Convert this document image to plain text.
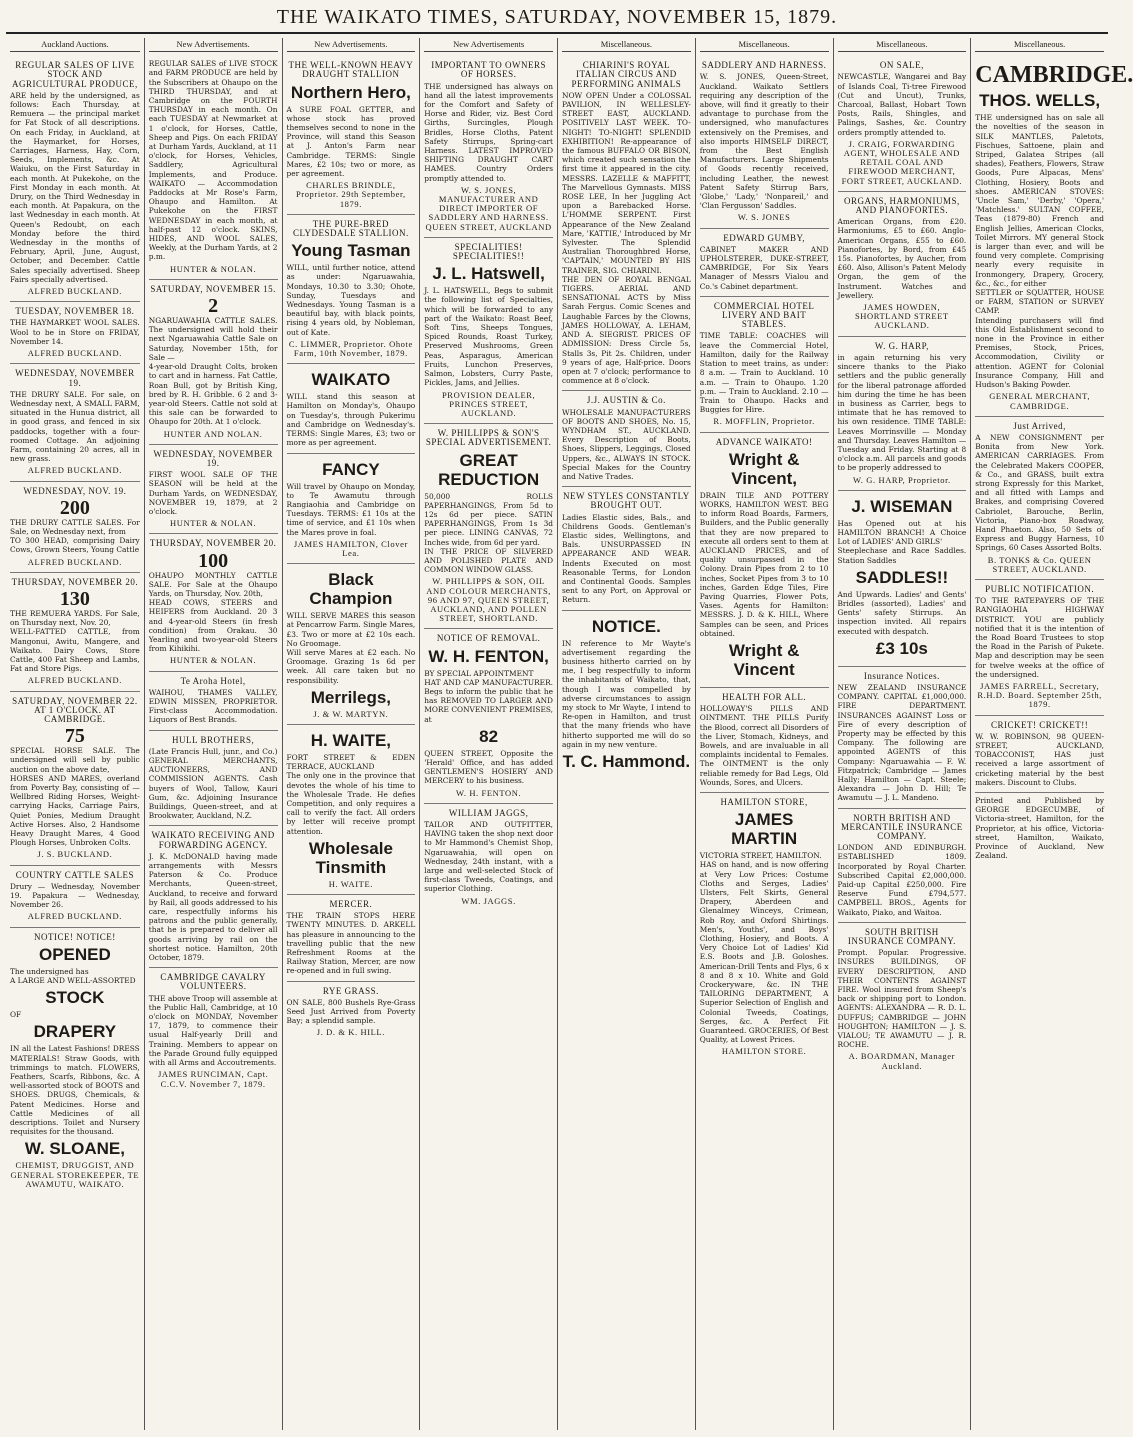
THE WAIKATO TIMES, SATURDAY, NOVEMBER 15, 1879.
Auckland Auctions.
REGULAR SALES OF LIVE STOCK AND AGRICULTURAL PRODUCE,
ARE held by the undersigned, as follows: Each Thursday, at Remuera — the principal market for Fat Stock of all descriptions. On each Friday, in Auckland, at the Haymarket, for Horses, Carriages, Harness, Hay, Corn, Seeds, Implements, &c. At Waiuku, on the First Saturday in each month. At Pukekohe, on the First Monday in each month. At Drury, on the Third Wednesday in each month. At Papakura, on the last Wednesday in each month. At Queen's Redoubt, on each Monday before the third Wednesday in the months of February, April, June, August, October, and December. Cattle Sales specially advertised. Sheep Fairs specially advertised.
ALFRED BUCKLAND.
TUESDAY, NOVEMBER 18.
THE HAYMARKET WOOL SALES. Wool to be in Store on FRIDAY, November 14.
ALFRED BUCKLAND.
WEDNESDAY, NOVEMBER 19.
THE DRURY SALE. For sale, on Wednesday next, A SMALL FARM, situated in the Hunua district, all in good grass, and fenced in six paddocks, together with a four-roomed Cottage. An adjoining Farm, containing 20 acres, all in new grass.
ALFRED BUCKLAND.
WEDNESDAY, NOV. 19.
200
THE DRURY CATTLE SALES. For Sale, on Wednesday next, from
TO 300 HEAD, comprising Dairy Cows, Grown Steers, Young Cattle
ALFRED BUCKLAND.
THURSDAY, NOVEMBER 20.
130
THE REMUERA YARDS. For Sale, on Thursday next, Nov. 20,
WELL-FATTED CATTLE, from Mangonui, Awitu, Mangere, and Waikato. Dairy Cows, Store Cattle, 400 Fat Sheep and Lambs, Fat and Store Pigs.
ALFRED BUCKLAND.
SATURDAY, NOVEMBER 22. AT 1 O'CLOCK. AT CAMBRIDGE.
75
SPECIAL HORSE SALE. The undersigned will sell by public auction on the above date,
HORSES AND MARES, overland from Poverty Bay, consisting of — Wellbred Riding Horses, Weight-carrying Hacks, Carriage Pairs, Quiet Ponies, Medium Draught Active Horses. Also, 2 Handsome Heavy Draught Mares, 4 Good Plough Horses, Unbroken Colts.
J. S. BUCKLAND.
COUNTRY CATTLE SALES
Drury — Wednesday, November 19. Papakura — Wednesday, November 26.
ALFRED BUCKLAND.
NOTICE! NOTICE!
OPENED
The undersigned has
A LARGE AND WELL-ASSORTED
STOCK
OF
DRAPERY
IN all the Latest Fashions! DRESS MATERIALS! Straw Goods, with trimmings to match. FLOWERS, Feathers, Scarfs, Ribbons, &c. A well-assorted stock of BOOTS and SHOES. DRUGS, Chemicals, & Patent Medicines. Horse and Cattle Medicines of all descriptions. Toilet and Nursery requisites for the thousand.
W. SLOANE,
CHEMIST, DRUGGIST, AND GENERAL STOREKEEPER, TE AWAMUTU, WAIKATO.
New Advertisements.
REGULAR SALES of LIVE STOCK and FARM PRODUCE are held by the Subscribers at Ohaupo on the THIRD THURSDAY, and at Cambridge on the FOURTH THURSDAY in each month. On each TUESDAY at Newmarket at 1 o'clock, for Horses, Cattle, Sheep and Pigs. On each FRIDAY at Durham Yards, Auckland, at 11 o'clock, for Horses, Vehicles, Saddlery, Agricultural Implements, and Produce. WAIKATO — Accommodation Paddocks at Mr Rose's Farm, Ohaupo and Hamilton. At Pukekohe on the FIRST WEDNESDAY in each month, at half-past 12 o'clock. SKINS, HIDES, AND WOOL SALES, Weekly, at the Durham Yards, at 2 p.m.
HUNTER & NOLAN.
SATURDAY, NOVEMBER 15.
2
NGARUAWAHIA CATTLE SALES. The undersigned will hold their next Ngaruawahia Cattle Sale on Saturday, November 15th, for Sale —
4-year-old Draught Colts, broken to cart and in harness. Fat Cattle, Roan Bull, got by British King, bred by R. H. Gribble. 6 2 and 3-year-old Steers. Cattle not sold at this sale can be forwarded to Ohaupo for 20th. At 1 o'clock.
HUNTER AND NOLAN.
WEDNESDAY, NOVEMBER 19.
FIRST WOOL SALE OF THE SEASON will be held at the Durham Yards, on WEDNESDAY, NOVEMBER 19, 1879, at 2 o'clock.
HUNTER & NOLAN.
THURSDAY, NOVEMBER 20.
100
OHAUPO MONTHLY CATTLE SALE. For Sale at the Ohaupo Yards, on Thursday, Nov. 20th,
HEAD COWS, STEERS and HEIFERS from Auckland. 20 3 and 4-year-old Steers (in fresh condition) from Orakau. 30 Yearling and two-year-old Steers from Kihikihi.
HUNTER & NOLAN.
Te Aroha Hotel,
WAIHOU, THAMES VALLEY, EDWIN MISSEN, PROPRIETOR. First-class Accommodation. Liquors of Best Brands.
HULL BROTHERS,
(Late Francis Hull, junr., and Co.) GENERAL MERCHANTS, AUCTIONEERS, AND COMMISSION AGENTS. Cash buyers of Wool, Tallow, Kauri Gum, &c. Adjoining Insurance Buildings, Queen-street, and at Brookwater, Auckland, N.Z.
WAIKATO RECEIVING AND FORWARDING AGENCY.
J. K. McDONALD having made arrangements with Messrs Paterson & Co. Produce Merchants, Queen-street, Auckland, to receive and forward by Rail, all goods addressed to his care, respectfully informs his patrons and the public generally, that he is prepared to deliver all goods arriving by rail on the shortest notice. Hamilton, 20th October, 1879.
CAMBRIDGE CAVALRY VOLUNTEERS.
THE above Troop will assemble at the Public Hall, Cambridge, at 10 o'clock on MONDAY, November 17, 1879, to commence their usual Half-yearly Drill and Training. Members to appear on the Parade Ground fully equipped with all Arms and Accoutrements.
JAMES RUNCIMAN, Capt. C.C.V. November 7, 1879.
New Advertisements.
THE WELL-KNOWN HEAVY DRAUGHT STALLION
Northern Hero,
A SURE FOAL GETTER, and whose stock has proved themselves second to none in the Province, will stand this Season at J. Anton's Farm near Cambridge. TERMS: Single Mares, £2 10s; two or more, as per agreement.
CHARLES BRINDLE, Proprietor. 29th September, 1879.
THE PURE-BRED CLYDESDALE STALLION.
Young Tasman
WILL, until further notice, attend as under: Ngaruawahia, Mondays, 10.30 to 3.30; Ohote, Sunday, Tuesdays and Wednesdays. Young Tasman is a beautiful bay, with black points, rising 4 years old, by Nobleman, out of Kate.
C. LIMMER, Proprietor. Ohote Farm, 10th November, 1879.
WAIKATO
WILL stand this season at Hamilton on Monday's, Ohaupo on Tuesday's, through Pukerimu and Cambridge on Wednesday's. TERMS: Single Mares, £3; two or more as per agreement.
FANCY
Will travel by Ohaupo on Monday, to Te Awamutu through Rangiaohia and Cambridge on Tuesdays. TERMS: £1 10s at the time of service, and £1 10s when the Mares prove in foal.
JAMES HAMILTON, Clover Lea.
Black Champion
WILL SERVE MARES this season at Pencarrow Farm. Single Mares, £3. Two or more at £2 10s each. No Groomage.
Will serve Mares at £2 each. No Groomage. Grazing 1s 6d per week. All care taken but no responsibility.
Merrilegs,
J. & W. MARTYN.
H. WAITE,
FORT STREET & EDEN TERRACE, AUCKLAND
The only one in the province that devotes the whole of his time to the Wholesale Trade. He defies Competition, and only requires a call to verify the fact. All orders by letter will receive prompt attention.
Wholesale Tinsmith
H. WAITE.
MERCER.
THE TRAIN STOPS HERE TWENTY MINUTES. D. ARKELL has pleasure in announcing to the travelling public that the new Refreshment Rooms at the Railway Station, Mercer, are now re-opened and in full swing.
RYE GRASS.
ON SALE, 800 Bushels Rye-Grass Seed Just Arrived from Poverty Bay; a splendid sample.
J. D. & K. HILL.
New Advertisements
IMPORTANT TO OWNERS OF HORSES.
THE undersigned has always on hand all the latest improvements for the Comfort and Safety of Horse and Rider, viz. Best Cord Girths, Surcingles, Plough Bridles, Horse Cloths, Patent Safety Stirrups, Spring-cart Harness. LATEST IMPROVED SHIFTING DRAUGHT CART HAMES. Country Orders promptly attended to.
W. S. JONES, MANUFACTURER AND DIRECT IMPORTER OF SADDLERY AND HARNESS. QUEEN STREET, AUCKLAND
SPECIALITIES! SPECIALITIES!!
J. L. Hatswell,
J. L. HATSWELL, Begs to submit the following list of Specialties, which will be forwarded to any part of the Waikato: Roast Beef, Soft Tins, Sheeps Tongues, Spiced Rounds, Roast Turkey, Preserved Mushrooms, Green Peas, Asparagus, American Fruits, Lunchon Preserves, Salmon, Lobsters, Curry Paste, Pickles, Jams, and Jellies.
PROVISION DEALER, PRINCES STREET, AUCKLAND.
W. PHILLIPPS & SON'S SPECIAL ADVERTISEMENT.
GREAT REDUCTION
50,000 ROLLS PAPERHANGINGS, From 5d to 12s 6d per piece. SATIN PAPERHANGINGS, From 1s 3d per piece. LINING CANVAS, 72 Inches wide, from 6d per yard.
IN THE PRICE OF SILVERED AND POLISHED PLATE AND COMMON WINDOW GLASS.
W. PHILLIPPS & SON, OIL AND COLOUR MERCHANTS, 96 AND 97, QUEEN STREET, AUCKLAND, AND POLLEN STREET, SHORTLAND.
NOTICE OF REMOVAL.
W. H. FENTON,
BY SPECIAL APPOINTMENT
HAT AND CAP MANUFACTURER. Begs to inform the public that he has REMOVED TO LARGER AND MORE CONVENIENT PREMISES, at
82
QUEEN STREET, Opposite the 'Herald' Office, and has added GENTLEMEN'S HOSIERY AND MERCERY to his business.
W. H. FENTON.
WILLIAM JAGGS,
TAILOR AND OUTFITTER, HAVING taken the shop next door to Mr Hammond's Chemist Shop, Ngaruawahia, will open on Wednesday, 24th instant, with a large and well-selected Stock of first-class Tweeds, Coatings, and superior Clothing.
WM. JAGGS.
Miscellaneous.
CHIARINI'S ROYAL ITALIAN CIRCUS AND PERFORMING ANIMALS
NOW OPEN Under a COLOSSAL PAVILION, IN WELLESLEY-STREET EAST, AUCKLAND. POSITIVELY LAST WEEK. TO-NIGHT! TO-NIGHT! SPLENDID EXHIBITION! Re-appearance of the famous BUFFALO OR BISON, which created such sensation the first time it appeared in the city. MESSRS. LAZELLE & MAFFITT, The Marvellous Gymnasts. MISS ROSE LEE, In her Juggling Act upon a Barebacked Horse. L'HOMME SERPENT. First Appearance of the New Zealand Mare, 'KATTIE,' Introduced by Mr Sylvester. The Splendid Australian Thoroughbred Horse, 'CAPTAIN,' MOUNTED BY HIS TRAINER, SIG. CHIARINI.
THE DEN OF ROYAL BENGAL TIGERS. AERIAL AND SENSATIONAL ACTS by Miss Sarah Fergus. Comic Scenes and Laughable Farces by the Clowns, JAMES HOLLOWAY, A. LEHAM, AND A. SIEGRIST. PRICES OF ADMISSION: Dress Circle 5s, Stalls 3s, Pit 2s. Children, under 9 years of age, Half-price. Doors open at 7 o'clock; performance to commence at 8 o'clock.
J.J. AUSTIN & Co.
WHOLESALE MANUFACTURERS OF BOOTS AND SHOES, No. 15, WYNDHAM ST., AUCKLAND. Every Description of Boots, Shoes, Slippers, Leggings, Closed Uppers, &c., ALWAYS IN STOCK. Special Makes for the Country and Native Trades.
NEW STYLES CONSTANTLY BROUGHT OUT.
Ladies Elastic sides, Bals., and Childrens Goods. Gentleman's Elastic sides, Wellingtons, and Bals. UNSURPASSED IN APPEARANCE AND WEAR. Indents Executed on most Reasonable Terms, for London and Continental Goods. Samples sent to any Port, on Approval or Return.
NOTICE.
IN reference to Mr Wayte's advertisement regarding the business hitherto carried on by me, I beg respectfully to inform the inhabitants of Waikato, that, though I was compelled by adverse circumstances to assign my stock to Mr Wayte, I intend to Re-open in Hamilton, and trust that the many friends who have hitherto supported me will do so again in my new venture.
T. C. Hammond.
Miscellaneous.
SADDLERY AND HARNESS.
W. S. JONES, Queen-Street, Auckland. Waikato Settlers requiring any description of the above, will find it greatly to their advantage to purchase from the undersigned, who manufactures extensively on the Premises, and also imports HIMSELF DIRECT, from the Best English Manufacturers. Large Shipments of Goods recently received, including Leather, the newest Patent Safety Stirrup Bars, 'Globe,' 'Lady,' 'Nonpareil,' and 'Clan Fergusson' Saddles.
W. S. JONES
EDWARD GUMBY,
CABINET MAKER AND UPHOLSTERER, DUKE-STREET, CAMBRIDGE, For Six Years Manager of Messrs Vialou and Co.'s Cabinet department.
COMMERCIAL HOTEL LIVERY AND BAIT STABLES.
TIME TABLE: COACHES will leave the Commercial Hotel, Hamilton, daily for the Railway Station to meet trains, as under: 8 a.m. — Train to Auckland. 10 a.m. — Train to Ohaupo. 1.20 p.m. — Train to Auckland. 2.10 — Train to Ohaupo. Hacks and Buggies for Hire.
R. MOFFLIN, Proprietor.
ADVANCE WAIKATO!
Wright & Vincent,
DRAIN TILE AND POTTERY WORKS, HAMILTON WEST. BEG to inform Road Boards, Farmers, Builders, and the Public generally that they are now prepared to execute all orders sent to them at AUCKLAND PRICES, and of quality unsurpassed in the Colony. Drain Pipes from 2 to 10 inches, Socket Pipes from 3 to 10 inches, Garden Edge Tiles, Fire Paving Quarries, Flower Pots, Vases. Agents for Hamilton: MESSRS. J. D. & K. HILL, Where Samples can be seen, and Prices obtained.
Wright & Vincent
HEALTH FOR ALL.
HOLLOWAY'S PILLS AND OINTMENT. THE PILLS Purify the Blood, correct all Disorders of the Liver, Stomach, Kidneys, and Bowels, and are invaluable in all complaints incidental to Females. The OINTMENT is the only reliable remedy for Bad Legs, Old Wounds, Sores, and Ulcers.
HAMILTON STORE,
JAMES MARTIN
VICTORIA STREET, HAMILTON.
HAS on hand, and is now offering at Very Low Prices: Costume Cloths and Serges, Ladies' Ulsters, Felt Skirts, General Drapery, Aberdeen and Glenalmey Winceys, Crimean, Rob Roy, and Oxford Shirtings. Men's, Youths', and Boys' Clothing, Hosiery, and Boots. A Very Choice Lot of Ladies' Kid E.S. Boots and J.B. Goloshes. American-Drill Tents and Flys, 6 x 8 and 8 x 10. White and Gold Crockeryware, &c. IN THE TAILORING DEPARTMENT, A Superior Selection of English and Colonial Tweeds, Coatings, Serges, &c. A Perfect Fit Guaranteed. GROCERIES, Of Best Quality, at Lowest Prices.
HAMILTON STORE.
Miscellaneous.
ON SALE,
NEWCASTLE, Wangarei and Bay of Islands Coal, Ti-tree Firewood (Cut and Uncut), Trunks, Charcoal, Ballast, Hobart Town Posts, Rails, Shingles, and Palings, Sashes, &c. Country orders promptly attended to.
J. CRAIG, FORWARDING AGENT, WHOLESALE AND RETAIL COAL AND FIREWOOD MERCHANT, FORT STREET, AUCKLAND.
ORGANS, HARMONIUMS, AND PIANOFORTES.
American Organs, from £20. Harmoniums, £5 to £60. Anglo-American Organs, £55 to £60. Pianofortes, by Bord, from £45 15s. Pianofortes, by Aucher, from £60. Also, Allison's Patent Melody Organ, the gem of the Instrument. Watches and Jewellery.
JAMES HOWDEN, SHORTLAND STREET AUCKLAND.
W. G. HARP,
in again returning his very sincere thanks to the Piako settlers and the public generally for the liberal patronage afforded him during the time he has been in business as Carrier, begs to intimate that he has removed to his own residence. TIME TABLE: Leaves Morrinsville — Monday and Thursday. Leaves Hamilton — Tuesday and Friday. Starting at 8 o'clock a.m. All parcels and goods to be properly addressed to
W. G. HARP, Proprietor.
J. WISEMAN
Has Opened out at his HAMILTON BRANCH! A Choice Lot of LADIES' AND GIRLS'
Steeplechase and Race Saddles. Station Saddles
SADDLES!!
And Upwards. Ladies' and Gents' Bridles (assorted), Ladies' and Gents' safety Stirrups. An inspection invited. All repairs executed with despatch.
£3 10s
Insurance Notices.
NEW ZEALAND INSURANCE COMPANY. CAPITAL £1,000,000. FIRE DEPARTMENT. INSURANCES AGAINST Loss or Fire of every description of Property may be effected by this Company. The following are appointed AGENTS of this Company: Ngaruawahia — F. W. Fitzpatrick; Cambridge — James Hally; Hamilton — Capt. Steele; Alexandra — John D. Hill; Te Awamutu — J. L. Mandeno.
NORTH BRITISH AND MERCANTILE INSURANCE COMPANY.
LONDON AND EDINBURGH. ESTABLISHED 1809. Incorporated by Royal Charter. Subscribed Capital £2,000,000. Paid-up Capital £250,000. Fire Reserve Fund £794,577. CAMPBELL BROS., Agents for Waikato, Piako, and Waitoa.
SOUTH BRITISH INSURANCE COMPANY.
Prompt. Popular. Progressive. INSURES BUILDINGS, OF EVERY DESCRIPTION, AND THEIR CONTENTS AGAINST FIRE. Wool insured from Sheep's back or shipping port to London. AGENTS: ALEXANDRA — R. D. L. DUFFUS; CAMBRIDGE — JOHN HOUGHTON; HAMILTON — J. S. VIALOU; TE AWAMUTU — J. R. ROCHE.
A. BOARDMAN, Manager Auckland.
Miscellaneous.
CAMBRIDGE.
THOS. WELLS,
THE undersigned has on sale all the novelties of the season in SILK MANTLES, Paletots, Fischues, Sattoene, plain and Striped, Galatea Stripes (all shades), Feathers, Flowers, Straw Goods, Pure Alpacas, Mens' Clothing, Hosiery, Boots and shoes. AMERICAN STOVES: 'Uncle Sam,' 'Derby,' 'Opera,' 'Matchless.' SULTAN COFFEE, Teas (1879-80) French and English Jellies, American Clocks, Toilet Mirrors. MY general Stock is larger than ever, and will be found very complete. Comprising nearly every requisite in Ironmongery, Drapery, Grocery, &c., &c., for either
SETTLER or SQUATTER, HOUSE or FARM, STATION or SURVEY CAMP.
Intending purchasers will find this Old Establishment second to none in the Province in either Premises, Stock, Prices, Accommodation, Civility or attention. AGENT for Colonial Insurance Company, Hill and Hudson's Baking Powder.
GENERAL MERCHANT, CAMBRIDGE.
Just Arrived,
A NEW CONSIGNMENT per Bonita from New York. AMERICAN CARRIAGES. From the Celebrated Makers COOPER, & Co., and GRASS, built extra strong Expressly for this Market, and all fitted with Lamps and Brakes, and comprising Covered Cabriolet, Barouche, Berlin, Victoria, Piano-box Roadway, Hand Phaeton. Also, 50 Sets of Express and Buggy Harness, 10 Springs, 60 Cases Assorted Bolts.
B. TONKS & Co. QUEEN STREET, AUCKLAND.
PUBLIC NOTIFICATION.
TO THE RATEPAYERS OF THE RANGIAOHIA HIGHWAY DISTRICT. YOU are publicly notified that it is the intention of the Road Board Trustees to stop the Road in the Parish of Pukete. Map and description may be seen for twelve weeks at the office of the undersigned.
JAMES FARRELL, Secretary, R.H.D. Board. September 25th, 1879.
CRICKET! CRICKET!!
W. W. ROBINSON, 98 QUEEN-STREET, AUCKLAND, TOBACCONIST, HAS just received a large assortment of cricketing material by the best makers. Discount to Clubs.
Printed and Published by GEORGE EDGECUMBE, of Victoria-street, Hamilton, for the Proprietor, at his office, Victoria-street, Hamilton, Waikato, Province of Auckland, New Zealand.
